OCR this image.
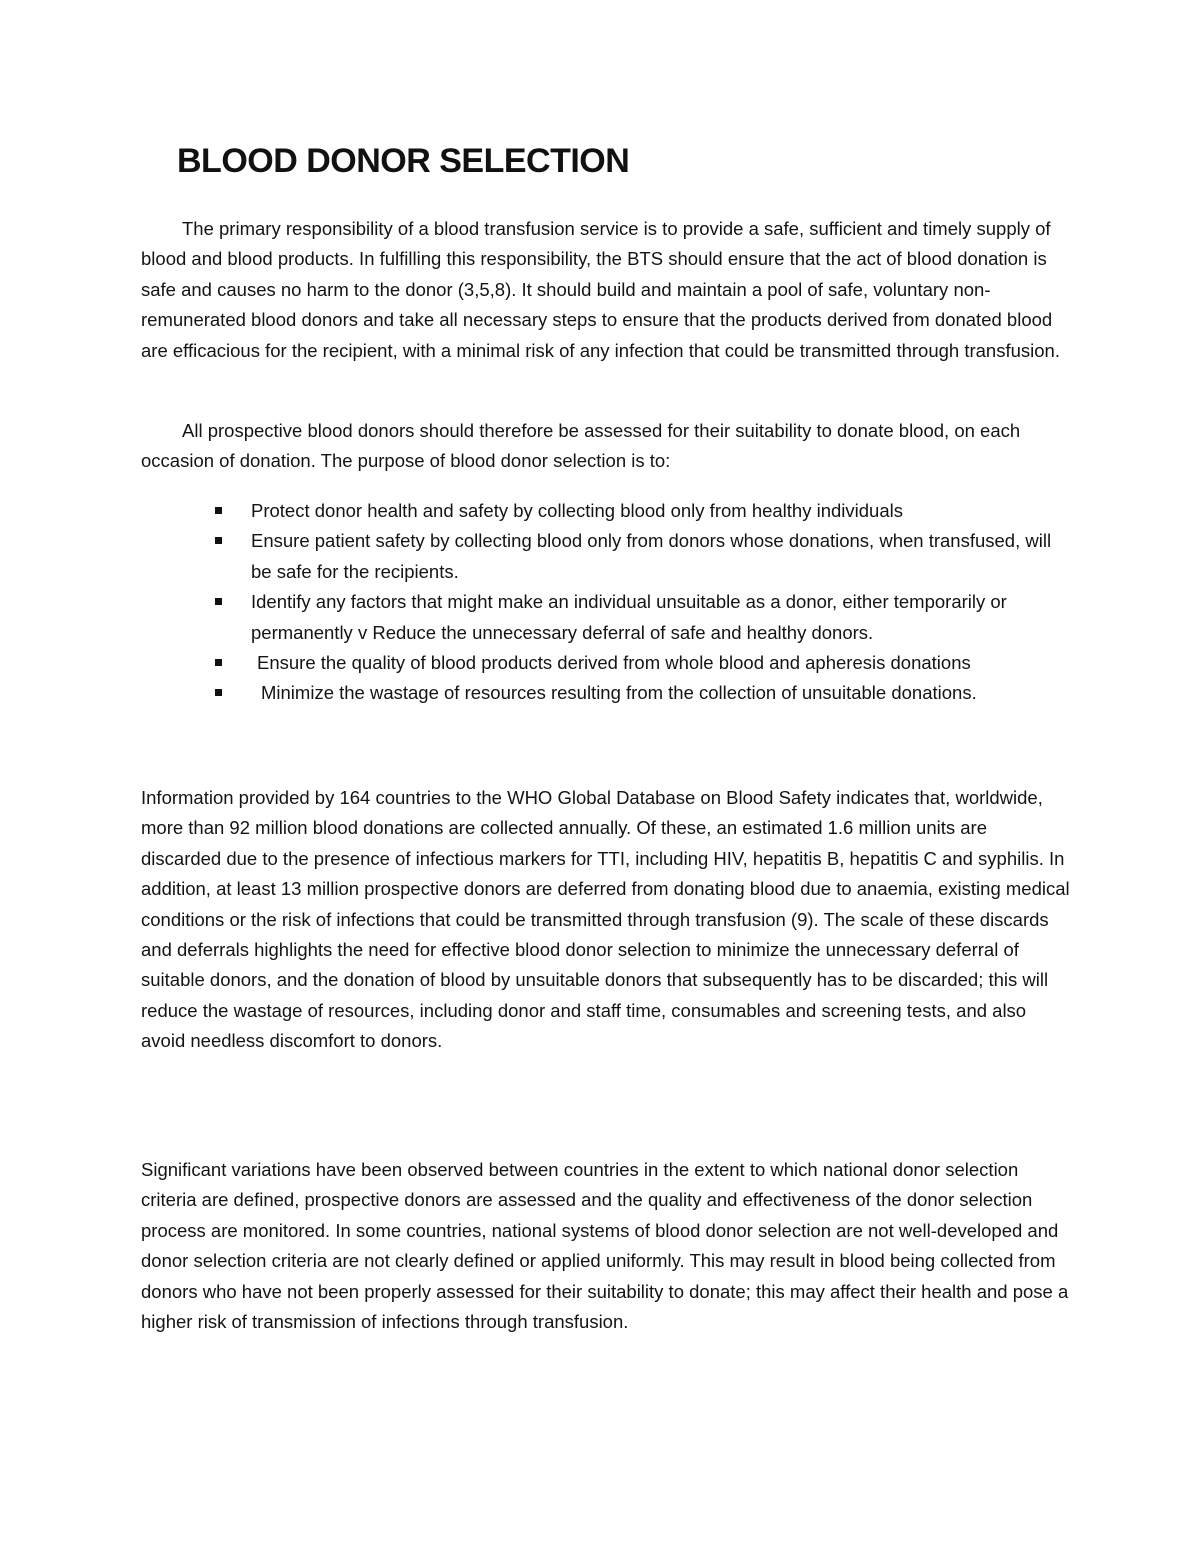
BLOOD DONOR SELECTION

The primary responsibility of a blood transfusion service is to provide a safe, sufficient and timely supply of blood and blood products. In fulfilling this responsibility, the BTS should ensure that the act of blood donation is safe and causes no harm to the donor (3,5,8). It should build and maintain a pool of safe, voluntary non-remunerated blood donors and take all necessary steps to ensure that the products derived from donated blood are efficacious for the recipient, with a minimal risk of any infection that could be transmitted through transfusion.

All prospective blood donors should therefore be assessed for their suitability to donate blood, on each occasion of donation. The purpose of blood donor selection is to:

Protect donor health and safety by collecting blood only from healthy individuals
Ensure patient safety by collecting blood only from donors whose donations, when transfused, will be safe for the recipients.
Identify any factors that might make an individual unsuitable as a donor, either temporarily or permanently v Reduce the unnecessary deferral of safe and healthy donors.
Ensure the quality of blood products derived from whole blood and apheresis donations
Minimize the wastage of resources resulting from the collection of unsuitable donations.

Information provided by 164 countries to the WHO Global Database on Blood Safety indicates that, worldwide, more than 92 million blood donations are collected annually. Of these, an estimated 1.6 million units are discarded due to the presence of infectious markers for TTI, including HIV, hepatitis B, hepatitis C and syphilis. In addition, at least 13 million prospective donors are deferred from donating blood due to anaemia, existing medical conditions or the risk of infections that could be transmitted through transfusion (9). The scale of these discards and deferrals highlights the need for effective blood donor selection to minimize the unnecessary deferral of suitable donors, and the donation of blood by unsuitable donors that subsequently has to be discarded; this will reduce the wastage of resources, including donor and staff time, consumables and screening tests, and also avoid needless discomfort to donors.

Significant variations have been observed between countries in the extent to which national donor selection criteria are defined, prospective donors are assessed and the quality and effectiveness of the donor selection process are monitored. In some countries, national systems of blood donor selection are not well-developed and donor selection criteria are not clearly defined or applied uniformly. This may result in blood being collected from donors who have not been properly assessed for their suitability to donate; this may affect their health and pose a higher risk of transmission of infections through transfusion.
